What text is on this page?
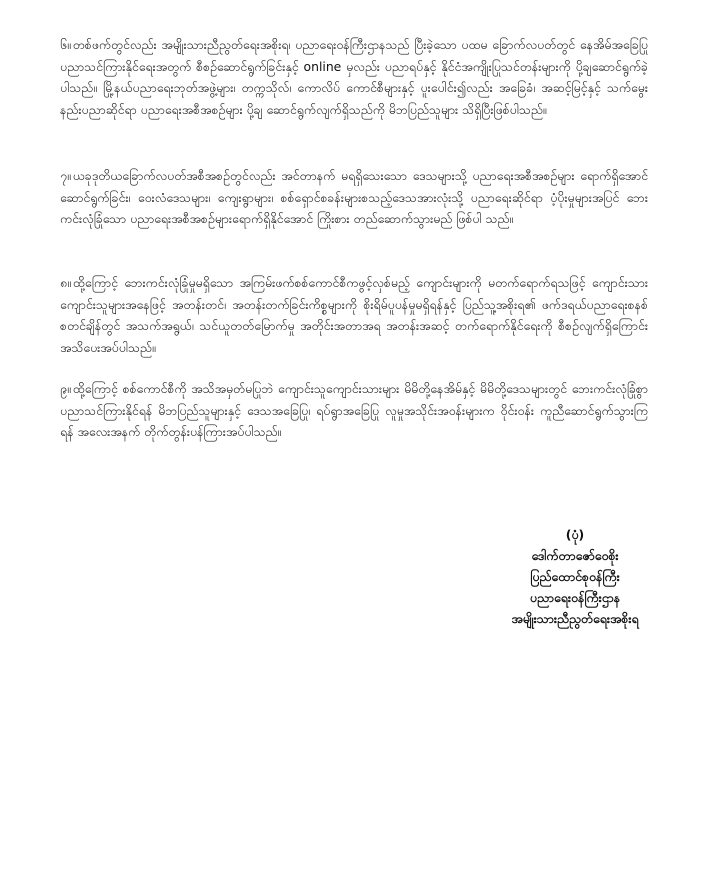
၆။ တစ်ဖက်တွင်လည်း အမျိုးသားညီညွတ်ရေးအစိုးရ၊ ပညာရေးဝန်ကြီးဌာနသည် ပြီးခဲ့သော ပထမ ခြောက်လပတ်တွင် နေအိမ်အခြေပြု ပညာသင်ကြားနိုင်ရေးအတွက် စီစဥ်ဆောင်ရွက်ခြင်းနှင့် online မှလည်း ပညာရပ်နှင့် နိုင်ငံအကျိုးပြုသင်တန်းများကို ပို့ချဆောင်ရွက်ခဲ့ပါသည်။ မြို့နယ်ပညာရေးဘုတ်အဖွဲ့များ၊ တက္ကသိုလ်၊ ကောလိပ် ကောင်စီများနှင့် ပူးပေါင်း၍လည်း အခြေခံ၊ အဆင့်မြင့်နှင့် သက်မွေးနည်းပညာဆိုင်ရာ ပညာရေးအစီအစဥ်များ ပို့ချ ဆောင်ရွက်လျက်ရှိသည်ကို မိဘပြည်သူများ သိရှိပြီးဖြစ်ပါသည်။

၇။ ယခုဒုတိယခြောက်လပတ်အစီအစဥ်တွင်လည်း အင်တာနက် မရရှိသေးသော ဒေသများသို့ ပညာရေးအစီအစဥ်များ ရောက်ရှိအောင်ဆောင်ရွက်ခြင်း၊ ဝေးလံဒေသများ၊ ကျေးရွာများ၊ စစ်ရှောင်စခန်းများစသည့်ဒေသအားလုံးသို့ ပညာရေးဆိုင်ရာ ပံ့ပိုးမှုများအပြင် ဘေးကင်းလုံခြုံသော ပညာရေးအစီအစဥ်များရောက်ရှိနိုင်အောင် ကြိုးစား တည်ဆောက်သွားမည် ဖြစ်ပါ သည်။

၈။ ထို့ကြောင့် ဘေးကင်းလုံခြုံမှုမရှိသော အကြမ်းဖက်စစ်ကောင်စီကဖွင့်လှစ်မည့် ကျောင်းများကို မတက်ရောက်ရသဖြင့် ကျောင်းသားကျောင်းသူများအနေဖြင့် အတန်းတင်၊ အတန်းတက်ခြင်းကိစ္စများကို စိုးရိမ်ပူပန်မှုမရှိရန်နှင့် ပြည်သူ့အစိုးရ၏ ဖက်ဒရယ်ပညာရေးစနစ် စတင်ချိန်တွင် အသက်အရွယ်၊ သင်ယူတတ်မြောက်မှု အတိုင်းအတာအရ အတန်းအဆင့် တက်ရောက်နိုင်ရေးကို စီစဥ်လျက်ရှိကြောင်း အသိပေးအပ်ပါသည်။

၉။ ထို့ကြောင့် စစ်ကောင်စီကို အသိအမှတ်မပြုဘဲ ကျောင်းသူကျောင်းသားများ မိမိတို့နေအိမ်နှင့် မိမိတို့ဒေသများတွင် ဘေးကင်းလုံခြုံစွာ ပညာသင်ကြားနိုင်ရန် မိဘပြည်သူများနှင့် ဒေသအခြေပြု၊ ရပ်ရွာအခြေပြု လူမှုအသိုင်းအဝန်းများက ဝိုင်းဝန်း ကူညီဆောင်ရွက်သွားကြရန် အလေးအနက် တိုက်တွန်းပန်ကြားအပ်ပါသည်။

(ပုံ)
ဒေါက်တာဇော်ဝေစိုး
ပြည်ထောင်စုဝန်ကြီး
ပညာရေးဝန်ကြီးဌာန
အမျိုးသားညီညွတ်ရေးအစိုးရ
